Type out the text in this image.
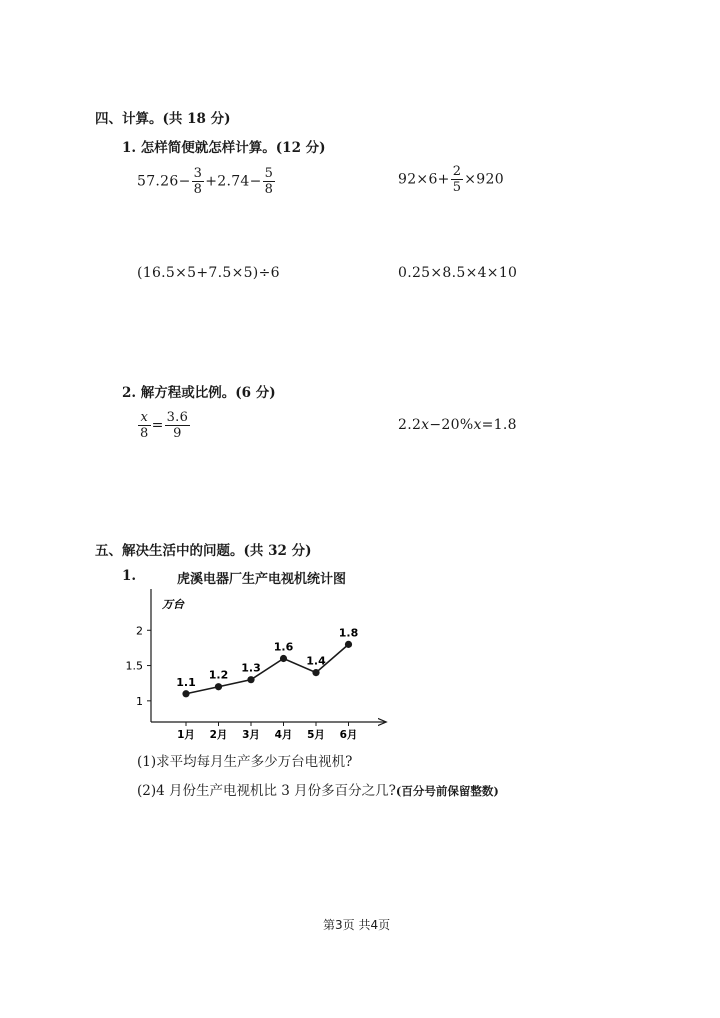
四、计算。(共 18 分)
1. 怎样简便就怎样计算。(12 分)
$57.26- \frac{3}{8} +2.74- \frac{5}{8}$	$92\times 6+ \frac{2}{5} \times 920$
(16.5×5+7.5×5)÷6	0.25×8.5×4×10
2. 解方程或比例。(6 分)
$\frac{x}{8} = \frac{3.6}{9}$	2.2x−20%x=1.8
五、解决生活中的问题。(共 32 分)
1.	虎溪电器厂生产电视机统计图
万台
1
1.5
2
1月 2月 3月 4月 5月 6月
1.1
1.2
1.3
1.6
1.4
1.8
(1)求平均每月生产多少万台电视机?
(2)4 月份生产电视机比 3 月份多百分之几?(百分号前保留整数)
第3页 共4页
